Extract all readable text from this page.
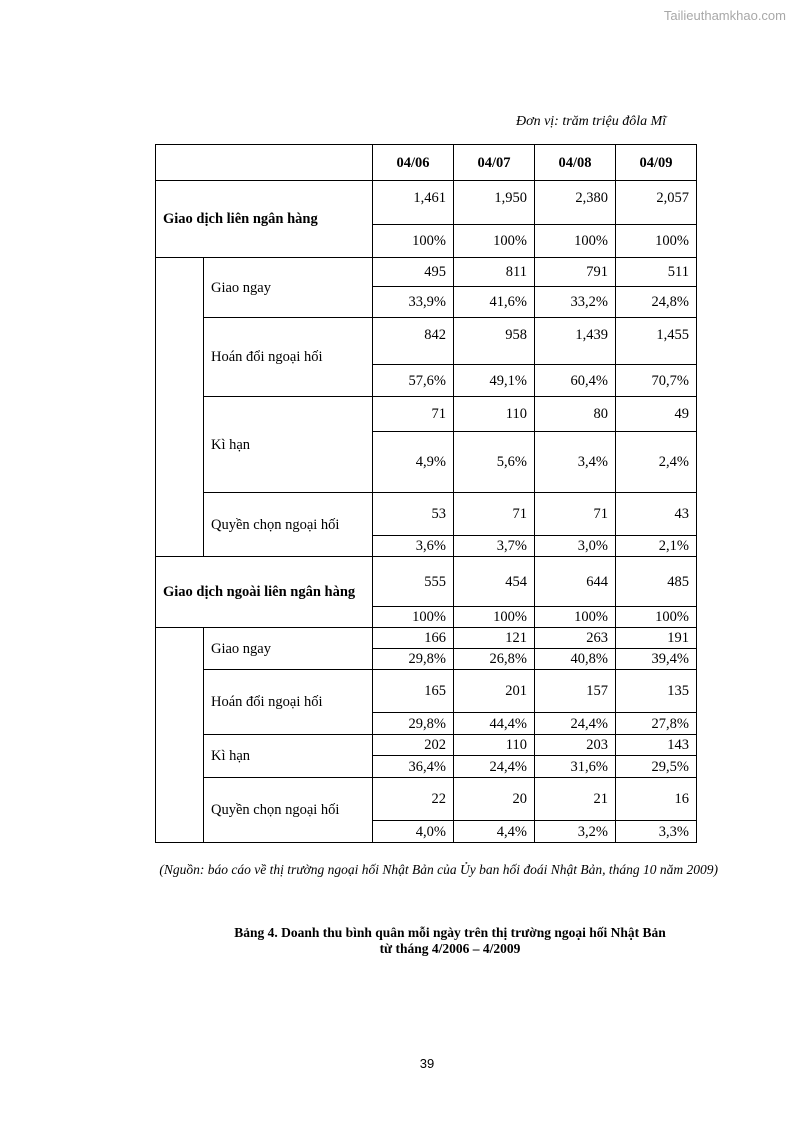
Tailieuthamkhao.com
Đơn vị: trăm triệu đôla Mĩ
		04/06	04/07	04/08	04/09
Giao dịch liên ngân hàng		1,461	1,950	2,380	2,057
		100%	100%	100%	100%
	Giao ngay	495	811	791	511
		33,9%	41,6%	33,2%	24,8%
	Hoán đổi ngoại hối	842	958	1,439	1,455
		57,6%	49,1%	60,4%	70,7%
	Kì hạn	71	110	80	49
		4,9%	5,6%	3,4%	2,4%
	Quyền chọn ngoại hối	53	71	71	43
		3,6%	3,7%	3,0%	2,1%
Giao dịch ngoài liên ngân hàng		555	454	644	485
		100%	100%	100%	100%
	Giao ngay	166	121	263	191
		29,8%	26,8%	40,8%	39,4%
	Hoán đổi ngoại hối	165	201	157	135
		29,8%	44,4%	24,4%	27,8%
	Kì hạn	202	110	203	143
		36,4%	24,4%	31,6%	29,5%
	Quyền chọn ngoại hối	22	20	21	16
		4,0%	4,4%	3,2%	3,3%
(Nguồn: báo cáo về thị trường ngoại hối Nhật Bản của Ủy ban hối đoái Nhật Bản, tháng 10 năm 2009)
Bảng 4. Doanh thu bình quân mỗi ngày trên thị trường ngoại hối Nhật Bản
từ tháng 4/2006 – 4/2009
39
